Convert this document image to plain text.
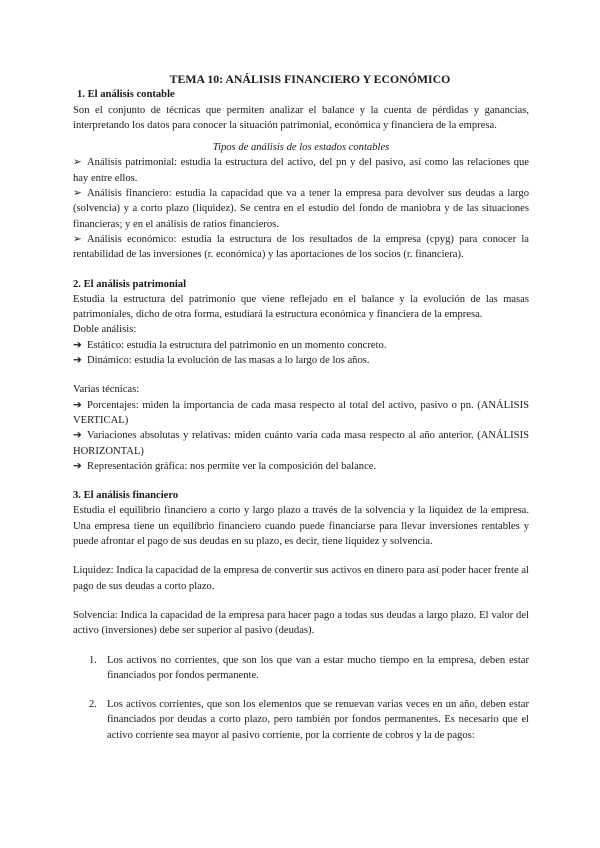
TEMA 10: ANÁLISIS FINANCIERO Y ECONÓMICO
1. El análisis contable

Son el conjunto de técnicas que permiten analizar el balance y la cuenta de pérdidas y ganancias, interpretando los datos para conocer la situación patrimonial, económica y financiera de la empresa.

Tipos de análisis de los estados contables

➢ Análisis patrimonial: estudia la estructura del activo, del pn y del pasivo, así como las relaciones que hay entre ellos.

➢ Análisis financiero: estudia la capacidad que va a tener la empresa para devolver sus deudas a largo (solvencia) y a corto plazo (liquidez). Se centra en el estudio del fondo de maniobra y de las situaciones financieras; y en el análisis de ratios financieros.

➢ Análisis económico: estudia la estructura de los resultados de la empresa (cpyg) para conocer la rentabilidad de las inversiones (r. económica) y las aportaciones de los socios (r. financiera).

2. El análisis patrimonial

Estudia la estructura del patrimonio que viene reflejado en el balance y la evolución de las masas patrimoniales, dicho de otra forma, estudiará la estructura económica y financiera de la empresa.

Doble análisis:

➔ Estático: estudia la estructura del patrimonio en un momento concreto.

➔ Dinámico: estudia la evolución de las masas a lo largo de los años.

Varias técnicas:

➔ Porcentajes: miden la importancia de cada masa respecto al total del activo, pasivo o pn. (ANÁLISIS VERTICAL)

➔ Variaciones absolutas y relativas: miden cuánto varía cada masa respecto al año anterior. (ANÁLISIS HORIZONTAL)

➔ Representación gráfica: nos permite ver la composición del balance.

3. El análisis financiero

Estudia el equilibrio financiero a corto y largo plazo a través de la solvencia y la liquidez de la empresa. Una empresa tiene un equilibrio financiero cuando puede financiarse para llevar inversiones rentables y puede afrontar el pago de sus deudas en su plazo, es decir, tiene liquidez y solvencia.

Liquidez: Indica la capacidad de la empresa de convertir sus activos en dinero para así poder hacer frente al pago de sus deudas a corto plazo.

Solvencia: Indica la capacidad de la empresa para hacer pago a todas sus deudas a largo plazo. El valor del activo (inversiones) debe ser superior al pasivo (deudas).

1. Los activos no corrientes, que son los que van a estar mucho tiempo en la empresa, deben estar financiados por fondos permanente.
2. Los activos corrientes, que son los elementos que se renuevan varias veces en un año, deben estar financiados por deudas a corto plazo, pero también por fondos permanentes. Es necesario que el activo corriente sea mayor al pasivo corriente, por la corriente de cobros y la de pagos:
